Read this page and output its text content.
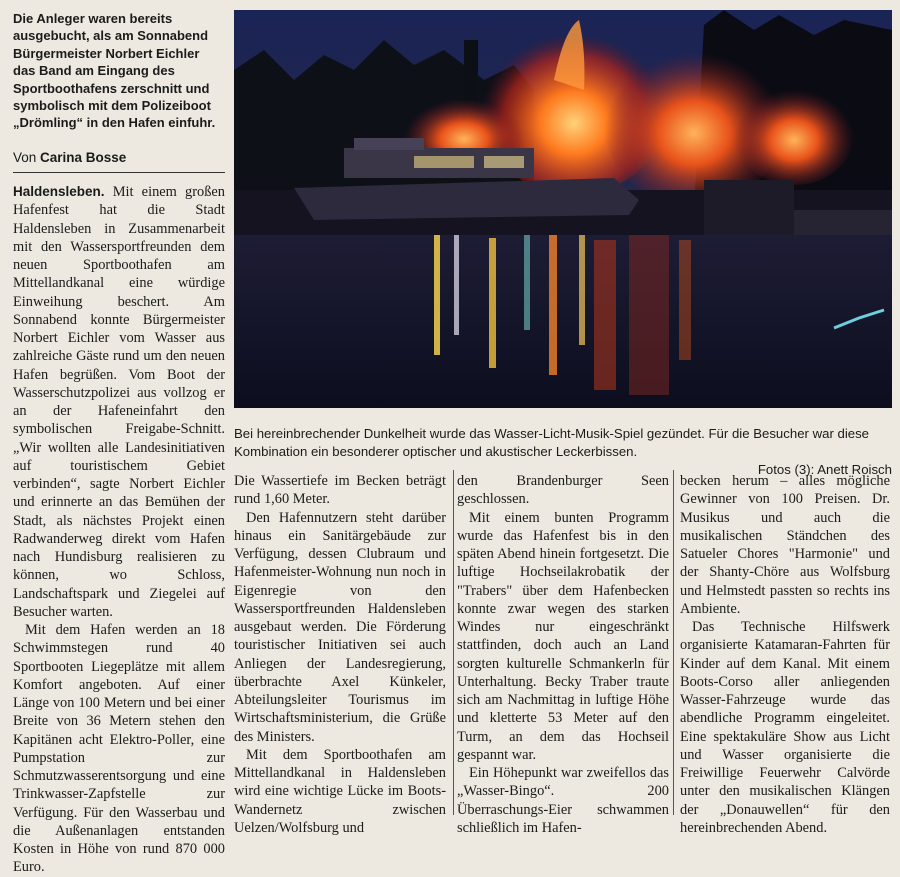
Die Anleger waren bereits ausgebucht, als am Sonnabend Bürgermeister Norbert Eichler das Band am Eingang des Sportboothafens zerschnitt und symbolisch mit dem Polizeiboot „Drömling“ in den Hafen einfuhr.

Von Carina Bosse

Haldensleben. Mit einem großen Hafenfest hat die Stadt Haldensleben in Zusammenarbeit mit den Wassersportfreunden dem neuen Sportboothafen am Mittellandkanal eine würdige Einweihung beschert. Am Sonnabend konnte Bürgermeister Norbert Eichler vom Wasser aus zahlreiche Gäste rund um den neuen Hafen begrüßen. Vom Boot der Wasserschutzpolizei aus vollzog er an der Hafeneinfahrt den symbolischen Freigabe-Schnitt. „Wir wollten alle Landesinitiativen auf touristischem Gebiet verbinden“, sagte Norbert Eichler und erinnerte an das Bemühen der Stadt, als nächstes Projekt einen Radwanderweg direkt vom Hafen nach Hundisburg realisieren zu können, wo Schloss, Landschaftspark und Ziegelei auf Besucher warten.

Mit dem Hafen werden an 18 Schwimmstegen rund 40 Sportbooten Liegeplätze mit allem Komfort angeboten. Auf einer Länge von 100 Metern und bei einer Breite von 36 Metern stehen den Kapitänen acht Elektro-Poller, eine Pumpstation zur Schmutzwasserentsorgung und eine Trinkwasser-Zapfstelle zur Verfügung. Für den Wasserbau und die Außenanlagen entstanden Kosten in Höhe von rund 870 000 Euro.

Bei hereinbrechender Dunkelheit wurde das Wasser-Licht-Musik-Spiel gezündet. Für die Besucher war diese Kombination ein besonderer optischer und akustischer Leckerbissen.
Fotos (3): Anett Roisch

Die Wassertiefe im Becken beträgt rund 1,60 Meter.

Den Hafennutzern steht darüber hinaus ein Sanitärgebäude zur Verfügung, dessen Clubraum und Hafenmeister-Wohnung nun noch in Eigenregie von den Wassersportfreunden Haldensleben ausgebaut werden. Die Förderung touristischer Initiativen sei auch Anliegen der Landesregierung, überbrachte Axel Künkeler, Abteilungsleiter Tourismus im Wirtschaftsministerium, die Grüße des Ministers.

Mit dem Sportboothafen am Mittellandkanal in Haldensleben wird eine wichtige Lücke im Boots-Wandernetz zwischen Uelzen/Wolfsburg und

den Brandenburger Seen geschlossen.

Mit einem bunten Programm wurde das Hafenfest bis in den späten Abend hinein fortgesetzt. Die luftige Hochseilakrobatik der "Trabers" über dem Hafenbecken konnte zwar wegen des starken Windes nur eingeschränkt stattfinden, doch auch an Land sorgten kulturelle Schmankerln für Unterhaltung. Becky Traber traute sich am Nachmittag in luftige Höhe und kletterte 53 Meter auf den Turm, an dem das Hochseil gespannt war.

Ein Höhepunkt war zweifellos das „Wasser-Bingo“. 200 Überraschungs-Eier schwammen schließlich im Hafen-

becken herum – alles mögliche Gewinner von 100 Preisen. Dr. Musikus und auch die musikalischen Ständchen des Satueler Chores "Harmonie" und der Shanty-Chöre aus Wolfsburg und Helmstedt passten so rechts ins Ambiente.

Das Technische Hilfswerk organisierte Katamaran-Fahrten für Kinder auf dem Kanal. Mit einem Boots-Corso aller anliegenden Wasser-Fahrzeuge wurde das abendliche Programm eingeleitet. Eine spektakuläre Show aus Licht und Wasser organisierte die Freiwillige Feuerwehr Calvörde unter den musikalischen Klängen der „Donauwellen“ für den hereinbrechenden Abend.
